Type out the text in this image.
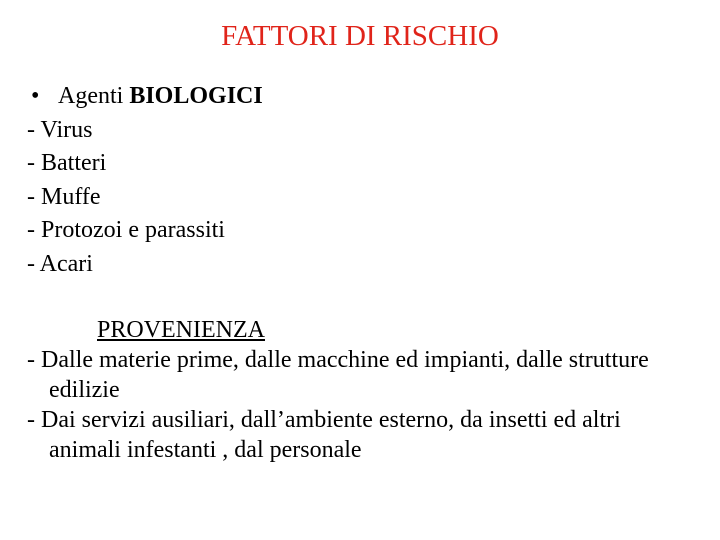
FATTORI DI RISCHIO
• Agenti BIOLOGICI
- Virus
- Batteri
- Muffe
- Protozoi e parassiti
- Acari
PROVENIENZA
- Dalle materie prime, dalle macchine ed impianti, dalle strutture edilizie
- Dai servizi ausiliari, dall’ambiente esterno, da insetti ed altri animali infestanti , dal personale
